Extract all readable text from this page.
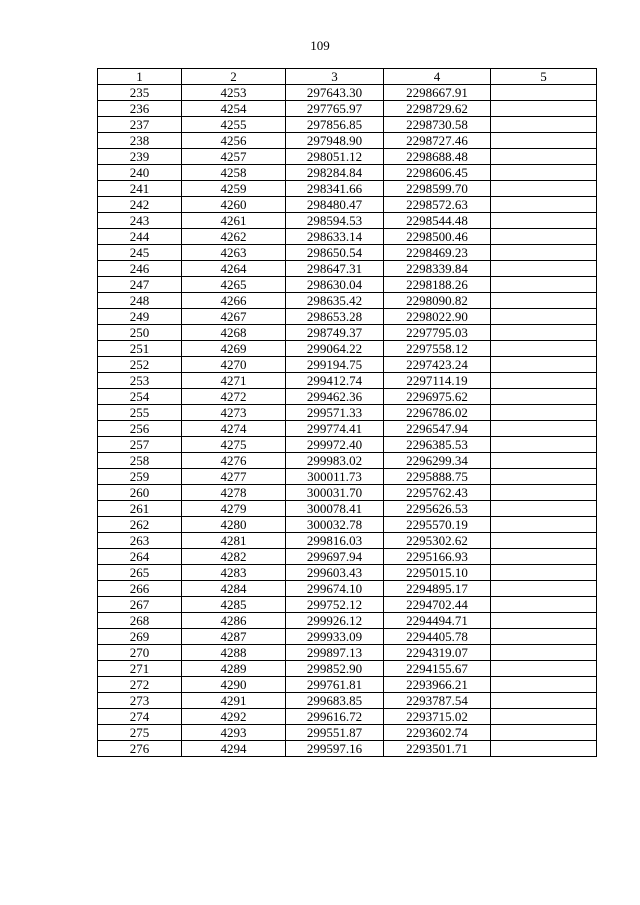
109
1	2	3	4	5
235	4253	297643.30	2298667.91	
236	4254	297765.97	2298729.62	
237	4255	297856.85	2298730.58	
238	4256	297948.90	2298727.46	
239	4257	298051.12	2298688.48	
240	4258	298284.84	2298606.45	
241	4259	298341.66	2298599.70	
242	4260	298480.47	2298572.63	
243	4261	298594.53	2298544.48	
244	4262	298633.14	2298500.46	
245	4263	298650.54	2298469.23	
246	4264	298647.31	2298339.84	
247	4265	298630.04	2298188.26	
248	4266	298635.42	2298090.82	
249	4267	298653.28	2298022.90	
250	4268	298749.37	2297795.03	
251	4269	299064.22	2297558.12	
252	4270	299194.75	2297423.24	
253	4271	299412.74	2297114.19	
254	4272	299462.36	2296975.62	
255	4273	299571.33	2296786.02	
256	4274	299774.41	2296547.94	
257	4275	299972.40	2296385.53	
258	4276	299983.02	2296299.34	
259	4277	300011.73	2295888.75	
260	4278	300031.70	2295762.43	
261	4279	300078.41	2295626.53	
262	4280	300032.78	2295570.19	
263	4281	299816.03	2295302.62	
264	4282	299697.94	2295166.93	
265	4283	299603.43	2295015.10	
266	4284	299674.10	2294895.17	
267	4285	299752.12	2294702.44	
268	4286	299926.12	2294494.71	
269	4287	299933.09	2294405.78	
270	4288	299897.13	2294319.07	
271	4289	299852.90	2294155.67	
272	4290	299761.81	2293966.21	
273	4291	299683.85	2293787.54	
274	4292	299616.72	2293715.02	
275	4293	299551.87	2293602.74	
276	4294	299597.16	2293501.71	
